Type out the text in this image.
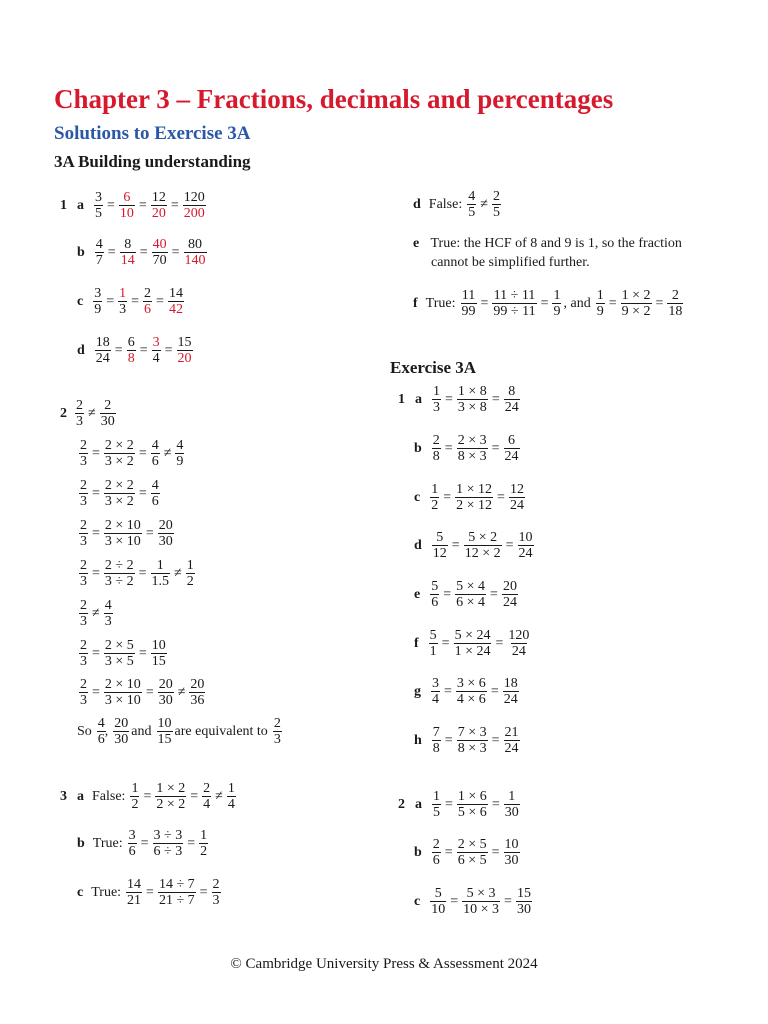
Chapter 3 – Fractions, decimals and percentages
Solutions to Exercise 3A
3A Building understanding
1 a $\frac{3}{5} = \frac{6}{10} = \frac{12}{20} = \frac{120}{200}$
b $\frac{4}{7} = \frac{8}{14} = \frac{40}{70} = \frac{80}{140}$
c $\frac{3}{9} = \frac{1}{3} = \frac{2}{6} = \frac{14}{42}$
d $\frac{18}{24} = \frac{6}{8} = \frac{3}{4} = \frac{15}{20}$
d False: $\frac{4}{5} \ne \frac{2}{5}$
e True: the HCF of 8 and 9 is 1, so the fraction
cannot be simplified further.
f True: $\frac{11}{99} = \frac{11 \div 11}{99 \div 11} = \frac{1}{9}$ , and $\frac{1}{9} = \frac{1 \times 2}{9 \times 2} = \frac{2}{18}$
$2 \frac{2}{3} \ne \frac{2}{30}$
$\frac{2}{3} = \frac{2 \times 2}{3 \times 2} = \frac{4}{6} \ne \frac{4}{9}$
$\frac{2}{3} = \frac{2 \times 2}{3 \times 2} = \frac{4}{6}$
$\frac{2}{3} = \frac{2 \times 10}{3 \times 10} = \frac{20}{30}$
$\frac{2}{3} = \frac{2 \div 2}{3 \div 2} = \frac{1}{1.5} \ne \frac{1}{2}$
$\frac{2}{3} \ne \frac{4}{3}$
$\frac{2}{3} = \frac{2 \times 5}{3 \times 5} = \frac{10}{15}$
$\frac{2}{3} = \frac{2 \times 10}{3 \times 10} = \frac{20}{30} \ne \frac{20}{36}$
So $\frac{4}{6}$ , $\frac{20}{30}$ and $\frac{10}{15}$ are equivalent to $\frac{2}{3}$
3 a False: $\frac{1}{2} = \frac{1 \times 2}{2 \times 2} = \frac{2}{4} \ne \frac{1}{4}$
b True: $\frac{3}{6} = \frac{3 \div 3}{6 \div 3} = \frac{1}{2}$
c True: $\frac{14}{21} = \frac{14 \div 7}{21 \div 7} = \frac{2}{3}$
Exercise 3A
1 a $\frac{1}{3} = \frac{1 \times 8}{3 \times 8} = \frac{8}{24}$
b $\frac{2}{8} = \frac{2 \times 3}{8 \times 3} = \frac{6}{24}$
c $\frac{1}{2} = \frac{1 \times 12}{2 \times 12} = \frac{12}{24}$
d $\frac{5}{12} = \frac{5 \times 2}{12 \times 2} = \frac{10}{24}$
e $\frac{5}{6} = \frac{5 \times 4}{6 \times 4} = \frac{20}{24}$
f $\frac{5}{1} = \frac{5 \times 24}{1 \times 24} = \frac{120}{24}$
g $\frac{3}{4} = \frac{3 \times 6}{4 \times 6} = \frac{18}{24}$
h $\frac{7}{8} = \frac{7 \times 3}{8 \times 3} = \frac{21}{24}$
2 a $\frac{1}{5} = \frac{1 \times 6}{5 \times 6} = \frac{1}{30}$
b $\frac{2}{6} = \frac{2 \times 5}{6 \times 5} = \frac{10}{30}$
c $\frac{5}{10} = \frac{5 \times 3}{10 \times 3} = \frac{15}{30}$
© Cambridge University Press & Assessment 2024
